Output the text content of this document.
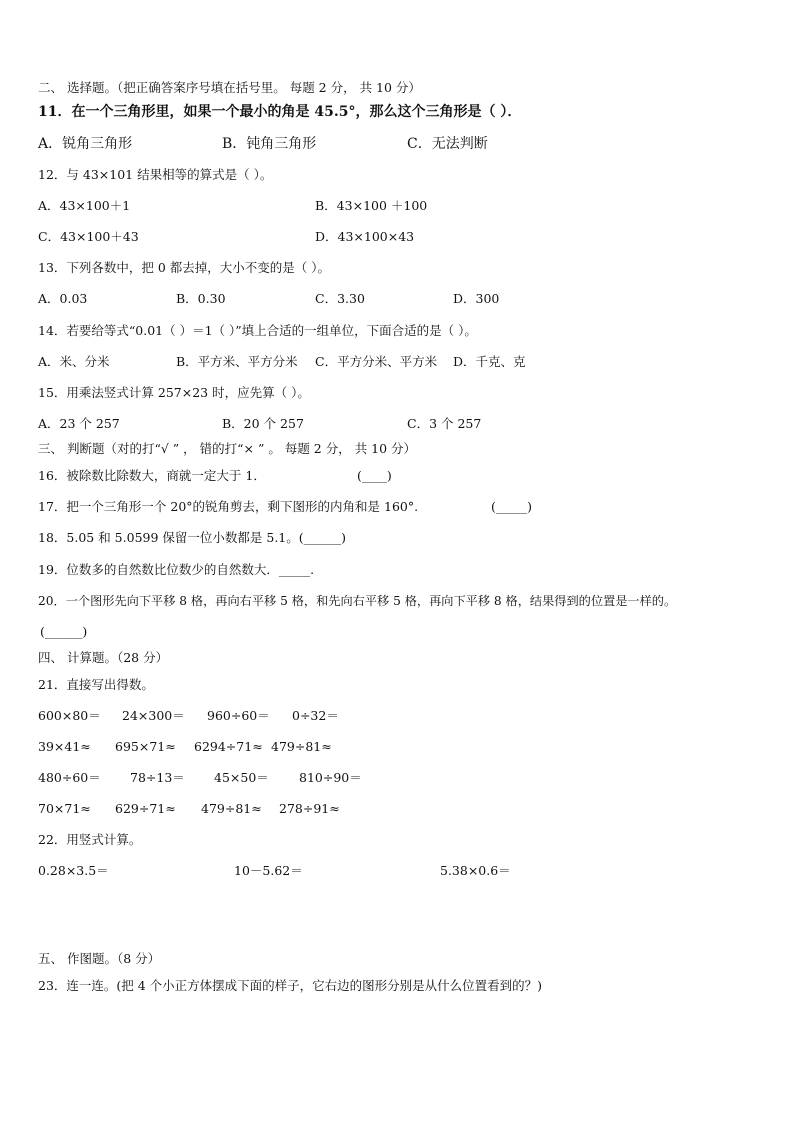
二、 选择题。（把正确答案序号填在括号里。 每题 2 分， 共 10 分）
11．在一个三角形里，如果一个最小的角是 45.5°，那么这个三角形是（ ）．
A．锐角三角形	B．钝角三角形	C．无法判断
12．与 43×101 结果相等的算式是（ ）。
A．43×100＋1	B．43×100 ＋100
C．43×100＋43	D．43×100×43
13．下列各数中，把 0 都去掉，大小不变的是（ ）。
A．0.03	B．0.30	C．3.30	D．300
14．若要给等式“0.01（ ）＝1（ ）”填上合适的一组单位，下面合适的是（ ）。
A．米、分米	B．平方米、平方分米 C．平方分米、平方米 D．千克、克
15．用乘法竖式计算 257×23 时，应先算（ ）。
A．23 个 257	B．20 个 257	C．3 个 257
三、 判断题（对的打“√ ” ， 错的打“× ” 。 每题 2 分， 共 10 分）
16．被除数比除数大，商就一定大于 1．	(____)
17．把一个三角形一个 20°的锐角剪去，剩下图形的内角和是 160°.	(_____)
18．5.05 和 5.0599 保留一位小数都是 5.1。(______)
19．位数多的自然数比位数少的自然数大．_____.
20．一个图形先向下平移 8 格，再向右平移 5 格，和先向右平移 5 格，再向下平移 8 格，结果得到的位置是一样的。
(______)
四、 计算题。（28 分）
21．直接写出得数。
600×80＝ 24×300＝ 960÷60＝ 0÷32＝
39×41≈ 695×71≈ 6294÷71≈ 479÷81≈
480÷60＝ 78÷13＝ 45×50＝ 810÷90＝
70×71≈ 629÷71≈ 479÷81≈ 278÷91≈
22．用竖式计算。
0.28×3.5＝	10－5.62＝	5.38×0.6＝
五、 作图题。（8 分）
23．连一连。(把 4 个小正方体摆成下面的样子，它右边的图形分别是从什么位置看到的？)
